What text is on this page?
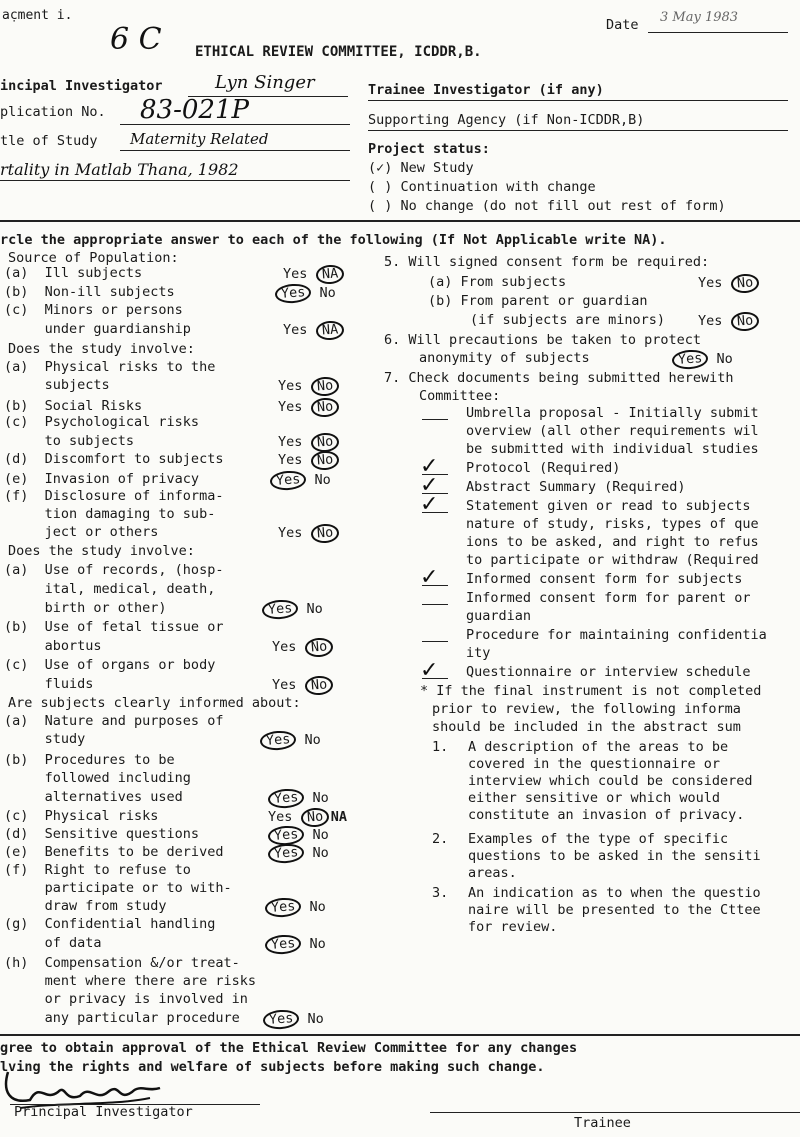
ac̣ment i.
6 C	Date 3 May 1983
ETHICAL REVIEW COMMITTEE, ICDDR,B.
incipal Investigator	Lyn Singer
plication No. 83-021P
tle of Study Maternity Related
rtality in Matlab Thana, 1982
Trainee Investigator (if any)
Supporting Agency (if Non-ICDDR,B)
Project status:
(✓) New Study
( ) Continuation with change
( ) No change (do not fill out rest of form)
rcle the appropriate answer to each of the following (If Not Applicable write NA).
Source of Population:
(a)  Ill subjects	Yes NA
(b)  Non-ill subjects	Yes No
(c)  Minors or persons
under guardianship	Yes NA
Does the study involve:
(a)  Physical risks to the
subjects	Yes No
(b)  Social Risks	Yes No
(c)  Psychological risks
to subjects	Yes No
(d)  Discomfort to subjects	Yes No
(e)  Invasion of privacy	Yes No
(f)  Disclosure of informa-
tion damaging to sub-
ject or others	Yes No
Does the study involve:
(a)  Use of records, (hosp-
ital, medical, death,
birth or other)	Yes No
(b)  Use of fetal tissue or
abortus	Yes No
(c)  Use of organs or body
fluids	Yes No
Are subjects clearly informed about:
(a)  Nature and purposes of
study	Yes No
(b)  Procedures to be
followed including
alternatives used	Yes No
(c)  Physical risks	Yes No NA
(d)  Sensitive questions	Yes No
(e)  Benefits to be derived	Yes No
(f)  Right to refuse to
participate or to with-
draw from study	Yes No
(g)  Confidential handling
of data	Yes No
(h)  Compensation &/or treat-
ment where there are risks
or privacy is involved in
any particular procedure	Yes No
5. Will signed consent form be required:
(a) From subjects	Yes No
(b) From parent or guardian
(if subjects are minors) Yes No
6. Will precautions be taken to protect
anonymity of subjects	Yes No
7. Check documents being submitted herewith
Committee:
Umbrella proposal - Initially submit
overview (all other requirements wil
be submitted with individual studies
✓ Protocol (Required)
✓ Abstract Summary (Required)
✓ Statement given or read to subjects
nature of study, risks, types of que
ions to be asked, and right to refus
to participate or withdraw (Required
✓ Informed consent form for subjects
Informed consent form for parent or
guardian
Procedure for maintaining confidentia
ity
✓ Questionnaire or interview schedule
* If the final instrument is not completed
prior to review, the following informa
should be included in the abstract sum
1. A description of the areas to be
covered in the questionnaire or
interview which could be considered
either sensitive or which would
constitute an invasion of privacy.
2. Examples of the type of specific
questions to be asked in the sensiti
areas.
3. An indication as to when the questio
naire will be presented to the Cttee
for review.
gree to obtain approval of the Ethical Review Committee for any changes
lving the rights and welfare of subjects before making such change.
Principal Investigator
Trainee
